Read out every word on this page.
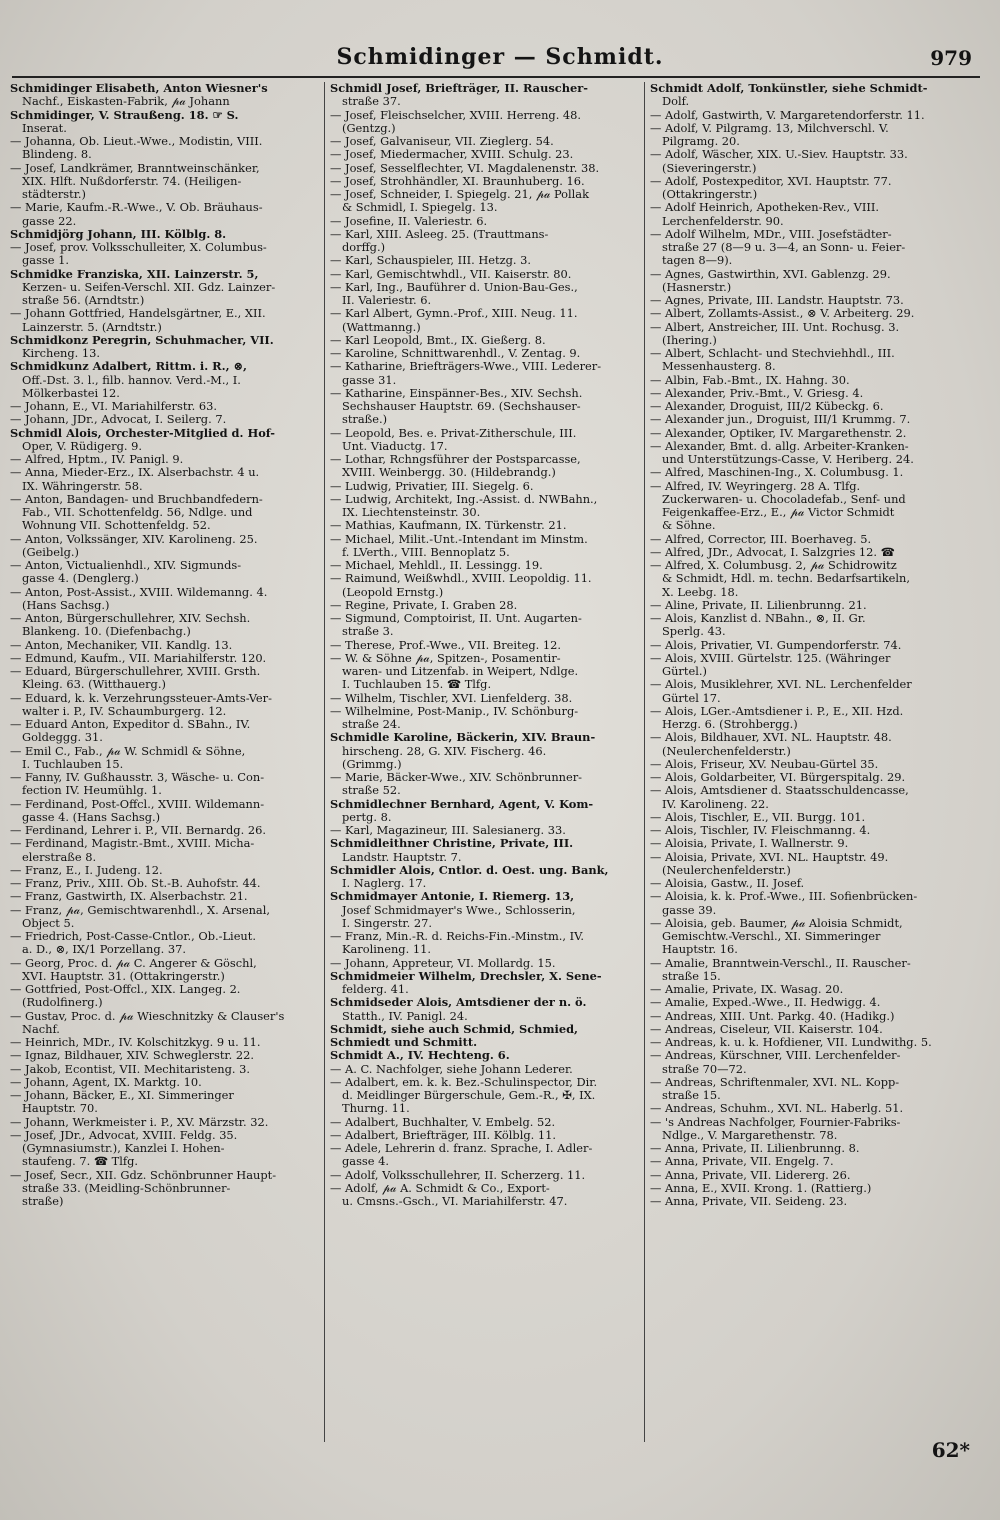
Schmidinger — Schmidt.	979
Schmidinger Elisabeth, Anton Wiesner's
Nachf., Eiskasten-Fabrik, 𝓅𝒶 Johann
Schmidinger, V. Straußeng. 18. ☞ S.
Inserat.
— Johanna, Ob. Lieut.-Wwe., Modistin, VIII.
Blindeng. 8.
— Josef, Landkrämer, Branntweinschänker,
XIX. Hlft. Nußdorferstr. 74. (Heiligen-
städterstr.)
— Marie, Kaufm.-R.-Wwe., V. Ob. Bräuhaus-
gasse 22.
Schmidjörg Johann, III. Kölblg. 8.
— Josef, prov. Volksschulleiter, X. Columbus-
gasse 1.
Schmidke Franziska, XII. Lainzerstr. 5,
Kerzen- u. Seifen-Verschl. XII. Gdz. Lainzer-
straße 56. (Arndtstr.)
— Johann Gottfried, Handelsgärtner, E., XII.
Lainzerstr. 5. (Arndtstr.)
Schmidkonz Peregrin, Schuhmacher, VII.
Kircheng. 13.
Schmidkunz Adalbert, Rittm. i. R., ⊗,
Off.-Dst. 3. l., filb. hannov. Verd.-M., I.
Mölkerbastei 12.
— Johann, E., VI. Mariahilferstr. 63.
— Johann, JDr., Advocat, I. Seilerg. 7.
Schmidl Alois, Orchester-Mitglied d. Hof-
Oper, V. Rüdigerg. 9.
— Alfred, Hptm., IV. Panigl. 9.
— Anna, Mieder-Erz., IX. Alserbachstr. 4 u.
IX. Währingerstr. 58.
— Anton, Bandagen- und Bruchbandfedern-
Fab., VII. Schottenfeldg. 56, Ndlge. und
Wohnung VII. Schottenfeldg. 52.
— Anton, Volkssänger, XIV. Karolineng. 25.
(Geibelg.)
— Anton, Victualienhdl., XIV. Sigmunds-
gasse 4. (Denglerg.)
— Anton, Post-Assist., XVIII. Wildemanng. 4.
(Hans Sachsg.)
— Anton, Bürgerschullehrer, XIV. Sechsh.
Blankeng. 10. (Diefenbachg.)
— Anton, Mechaniker, VII. Kandlg. 13.
— Edmund, Kaufm., VII. Mariahilferstr. 120.
— Eduard, Bürgerschullehrer, XVIII. Grsth.
Kleing. 63. (Witthauerg.)
— Eduard, k. k. Verzehrungssteuer-Amts-Ver-
walter i. P., IV. Schaumburgerg. 12.
— Eduard Anton, Expeditor d. SBahn., IV.
Goldeggg. 31.
— Emil C., Fab., 𝓅𝒶 W. Schmidl & Söhne,
I. Tuchlauben 15.
— Fanny, IV. Gußhausstr. 3, Wäsche- u. Con-
fection IV. Heumühlg. 1.
— Ferdinand, Post-Offcl., XVIII. Wildemann-
gasse 4. (Hans Sachsg.)
— Ferdinand, Lehrer i. P., VII. Bernardg. 26.
— Ferdinand, Magistr.-Bmt., XVIII. Micha-
elerstraße 8.
— Franz, E., I. Judeng. 12.
— Franz, Priv., XIII. Ob. St.-B. Auhofstr. 44.
— Franz, Gastwirth, IX. Alserbachstr. 21.
— Franz, 𝓅𝒶, Gemischtwarenhdl., X. Arsenal,
Object 5.
— Friedrich, Post-Casse-Cntlor., Ob.-Lieut.
a. D., ⊗, IX/1 Porzellang. 37.
— Georg, Proc. d. 𝓅𝒶 C. Angerer & Göschl,
XVI. Hauptstr. 31. (Ottakringerstr.)
— Gottfried, Post-Offcl., XIX. Langeg. 2.
(Rudolfinerg.)
— Gustav, Proc. d. 𝓅𝒶 Wieschnitzky & Clauser's
Nachf.
— Heinrich, MDr., IV. Kolschitzkyg. 9 u. 11.
— Ignaz, Bildhauer, XIV. Schweglerstr. 22.
— Jakob, Econtist, VII. Mechitaristeng. 3.
— Johann, Agent, IX. Marktg. 10.
— Johann, Bäcker, E., XI. Simmeringer
Hauptstr. 70.
— Johann, Werkmeister i. P., XV. Märzstr. 32.
— Josef, JDr., Advocat, XVIII. Feldg. 35.
(Gymnasiumstr.), Kanzlei I. Hohen-
staufeng. 7. ☎ Tlfg.
— Josef, Secr., XII. Gdz. Schönbrunner Haupt-
straße 33. (Meidling-Schönbrunner-
straße)
Schmidl Josef, Briefträger, II. Rauscher-
straße 37.
— Josef, Fleischselcher, XVIII. Herreng. 48.
(Gentzg.)
— Josef, Galvaniseur, VII. Zieglerg. 54.
— Josef, Miedermacher, XVIII. Schulg. 23.
— Josef, Sesselflechter, VI. Magdalenenstr. 38.
— Josef, Strohhändler, XI. Braunhuberg. 16.
— Josef, Schneider, I. Spiegelg. 21, 𝓅𝒶 Pollak
& Schmidl, I. Spiegelg. 13.
— Josefine, II. Valeriestr. 6.
— Karl, XIII. Asleeg. 25. (Trauttmans-
dorffg.)
— Karl, Schauspieler, III. Hetzg. 3.
— Karl, Gemischtwhdl., VII. Kaiserstr. 80.
— Karl, Ing., Bauführer d. Union-Bau-Ges.,
II. Valeriestr. 6.
— Karl Albert, Gymn.-Prof., XIII. Neug. 11.
(Wattmanng.)
— Karl Leopold, Bmt., IX. Gießerg. 8.
— Karoline, Schnittwarenhdl., V. Zentag. 9.
— Katharine, Briefträgers-Wwe., VIII. Lederer-
gasse 31.
— Katharine, Einspänner-Bes., XIV. Sechsh.
Sechshauser Hauptstr. 69. (Sechshauser-
straße.)
— Leopold, Bes. e. Privat-Zitherschule, III.
Unt. Viaductg. 17.
— Lothar, Rchngsführer der Postsparcasse,
XVIII. Weinbergg. 30. (Hildebrandg.)
— Ludwig, Privatier, III. Siegelg. 6.
— Ludwig, Architekt, Ing.-Assist. d. NWBahn.,
IX. Liechtensteinstr. 30.
— Mathias, Kaufmann, IX. Türkenstr. 21.
— Michael, Milit.-Unt.-Intendant im Minstm.
f. LVerth., VIII. Bennoplatz 5.
— Michael, Mehldl., II. Lessingg. 19.
— Raimund, Weißwhdl., XVIII. Leopoldig. 11.
(Leopold Ernstg.)
— Regine, Private, I. Graben 28.
— Sigmund, Comptoirist, II. Unt. Augarten-
straße 3.
— Therese, Prof.-Wwe., VII. Breiteg. 12.
— W. & Söhne 𝓅𝒶, Spitzen-, Posamentir-
waren- und Litzenfab. in Weipert, Ndlge.
I. Tuchlauben 15. ☎ Tlfg.
— Wilhelm, Tischler, XVI. Lienfelderg. 38.
— Wilhelmine, Post-Manip., IV. Schönburg-
straße 24.
Schmidle Karoline, Bäckerin, XIV. Braun-
hirscheng. 28, G. XIV. Fischerg. 46.
(Grimmg.)
— Marie, Bäcker-Wwe., XIV. Schönbrunner-
straße 52.
Schmidlechner Bernhard, Agent, V. Kom-
pertg. 8.
— Karl, Magazineur, III. Salesianerg. 33.
Schmidleithner Christine, Private, III.
Landstr. Hauptstr. 7.
Schmidler Alois, Cntlor. d. Oest. ung. Bank,
I. Naglerg. 17.
Schmidmayer Antonie, I. Riemerg. 13,
Josef Schmidmayer's Wwe., Schlosserin,
I. Singerstr. 27.
— Franz, Min.-R. d. Reichs-Fin.-Minstm., IV.
Karolineng. 11.
— Johann, Appreteur, VI. Mollardg. 15.
Schmidmeier Wilhelm, Drechsler, X. Sene-
felderg. 41.
Schmidseder Alois, Amtsdiener der n. ö.
Statth., IV. Panigl. 24.
Schmidt, siehe auch Schmid, Schmied,
Schmiedt und Schmitt.
Schmidt A., IV. Hechteng. 6.
— A. C. Nachfolger, siehe Johann Lederer.
— Adalbert, em. k. k. Bez.-Schulinspector, Dir.
d. Meidlinger Bürgerschule, Gem.-R., ✠, IX.
Thurng. 11.
— Adalbert, Buchhalter, V. Embelg. 52.
— Adalbert, Briefträger, III. Kölblg. 11.
— Adele, Lehrerin d. franz. Sprache, I. Adler-
gasse 4.
— Adolf, Volksschullehrer, II. Scherzerg. 11.
— Adolf, 𝓅𝒶 A. Schmidt & Co., Export-
u. Cmsns.-Gsch., VI. Mariahilferstr. 47.
Schmidt Adolf, Tonkünstler, siehe Schmidt-
Dolf.
— Adolf, Gastwirth, V. Margaretendorferstr. 11.
— Adolf, V. Pilgramg. 13, Milchverschl. V.
Pilgramg. 20.
— Adolf, Wäscher, XIX. U.-Siev. Hauptstr. 33.
(Sieveringerstr.)
— Adolf, Postexpeditor, XVI. Hauptstr. 77.
(Ottakringerstr.)
— Adolf Heinrich, Apotheken-Rev., VIII.
Lerchenfelderstr. 90.
— Adolf Wilhelm, MDr., VIII. Josefstädter-
straße 27 (8—9 u. 3—4, an Sonn- u. Feier-
tagen 8—9).
— Agnes, Gastwirthin, XVI. Gablenzg. 29.
(Hasnerstr.)
— Agnes, Private, III. Landstr. Hauptstr. 73.
— Albert, Zollamts-Assist., ⊗ V. Arbeiterg. 29.
— Albert, Anstreicher, III. Unt. Rochusg. 3.
(Ihering.)
— Albert, Schlacht- und Stechviehhdl., III.
Messenhausterg. 8.
— Albin, Fab.-Bmt., IX. Hahng. 30.
— Alexander, Priv.-Bmt., V. Griesg. 4.
— Alexander, Droguist, III/2 Kübeckg. 6.
— Alexander jun., Droguist, III/1 Krummg. 7.
— Alexander, Optiker, IV. Margarethenstr. 2.
— Alexander, Bmt. d. allg. Arbeiter-Kranken-
und Unterstützungs-Casse, V. Heriberg. 24.
— Alfred, Maschinen-Ing., X. Columbusg. 1.
— Alfred, IV. Weyringerg. 28 A. Tlfg.
Zuckerwaren- u. Chocoladefab., Senf- und
Feigenkaffee-Erz., E., 𝓅𝒶 Victor Schmidt
& Söhne.
— Alfred, Corrector, III. Boerhaveg. 5.
— Alfred, JDr., Advocat, I. Salzgries 12. ☎
— Alfred, X. Columbusg. 2, 𝓅𝒶 Schidrowitz
& Schmidt, Hdl. m. techn. Bedarfsartikeln,
X. Leebg. 18.
— Aline, Private, II. Lilienbrunng. 21.
— Alois, Kanzlist d. NBahn., ⊗, II. Gr.
Sperlg. 43.
— Alois, Privatier, VI. Gumpendorferstr. 74.
— Alois, XVIII. Gürtelstr. 125. (Währinger
Gürtel.)
— Alois, Musiklehrer, XVI. NL. Lerchenfelder
Gürtel 17.
— Alois, LGer.-Amtsdiener i. P., E., XII. Hzd.
Herzg. 6. (Strohbergg.)
— Alois, Bildhauer, XVI. NL. Hauptstr. 48.
(Neulerchenfelderstr.)
— Alois, Friseur, XV. Neubau-Gürtel 35.
— Alois, Goldarbeiter, VI. Bürgerspitalg. 29.
— Alois, Amtsdiener d. Staatsschuldencasse,
IV. Karolineng. 22.
— Alois, Tischler, E., VII. Burgg. 101.
— Alois, Tischler, IV. Fleischmanng. 4.
— Aloisia, Private, I. Wallnerstr. 9.
— Aloisia, Private, XVI. NL. Hauptstr. 49.
(Neulerchenfelderstr.)
— Aloisia, Gastw., II. Josef.
— Aloisia, k. k. Prof.-Wwe., III. Sofienbrücken-
gasse 39.
— Aloisia, geb. Baumer, 𝓅𝒶 Aloisia Schmidt,
Gemischtw.-Verschl., XI. Simmeringer
Hauptstr. 16.
— Amalie, Branntwein-Verschl., II. Rauscher-
straße 15.
— Amalie, Private, IX. Wasag. 20.
— Amalie, Exped.-Wwe., II. Hedwigg. 4.
— Andreas, XIII. Unt. Parkg. 40. (Hadikg.)
— Andreas, Ciseleur, VII. Kaiserstr. 104.
— Andreas, k. u. k. Hofdiener, VII. Lundwithg. 5.
— Andreas, Kürschner, VIII. Lerchenfelder-
straße 70—72.
— Andreas, Schriftenmaler, XVI. NL. Kopp-
straße 15.
— Andreas, Schuhm., XVI. NL. Haberlg. 51.
— 's Andreas Nachfolger, Fournier-Fabriks-
Ndlge., V. Margarethenstr. 78.
— Anna, Private, II. Lilienbrunng. 8.
— Anna, Private, VII. Engelg. 7.
— Anna, Private, VII. Lidererg. 26.
— Anna, E., XVII. Krong. 1. (Rattierg.)
— Anna, Private, VII. Seideng. 23.
62*
